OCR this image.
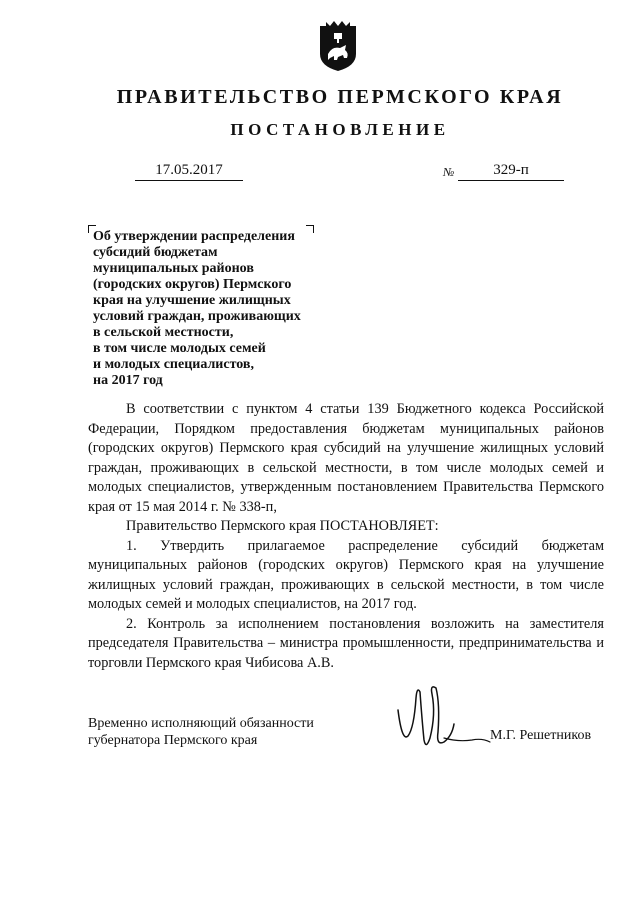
ПРАВИТЕЛЬСТВО ПЕРМСКОГО КРАЯ
ПОСТАНОВЛЕНИЕ
17.05.2017	№	329-п
Об утверждении распределения
субсидий бюджетам
муниципальных районов
(городских округов) Пермского
края на улучшение жилищных
условий граждан, проживающих
в сельской местности,
в том числе молодых семей
и молодых специалистов,
на 2017 год

В соответствии с пунктом 4 статьи 139 Бюджетного кодекса Российской Федерации, Порядком предоставления бюджетам муниципальных районов (городских округов) Пермского края субсидий на улучшение жилищных условий граждан, проживающих в сельской местности, в том числе молодых семей и молодых специалистов, утвержденным постановлением Правительства Пермского края от 15 мая 2014 г. № 338-п,

Правительство Пермского края ПОСТАНОВЛЯЕТ:

1. Утвердить прилагаемое распределение субсидий бюджетам муниципальных районов (городских округов) Пермского края на улучшение жилищных условий граждан, проживающих в сельской местности, в том числе молодых семей и молодых специалистов, на 2017 год.

2. Контроль за исполнением постановления возложить на заместителя председателя Правительства – министра промышленности, предпринимательства и торговли Пермского края Чибисова А.В.

Временно исполняющий обязанности
губернатора Пермского края	М.Г. Решетников
